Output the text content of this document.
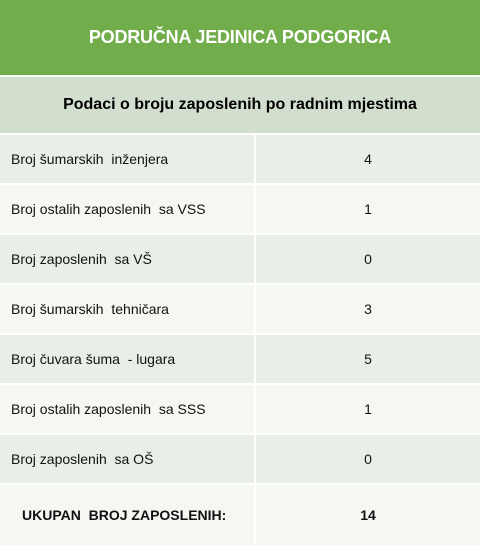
PODRUČNA JEDINICA PODGORICA
Podaci o broju zaposlenih po radnim mjestima
Broj šumarskih  inženjera	4
Broj ostalih zaposlenih  sa VSS	1
Broj zaposlenih  sa VŠ	0
Broj šumarskih  tehničara	3
Broj čuvara šuma  - lugara	5
Broj ostalih zaposlenih  sa SSS	1
Broj zaposlenih  sa OŠ	0
UKUPAN  BROJ ZAPOSLENIH:	14
